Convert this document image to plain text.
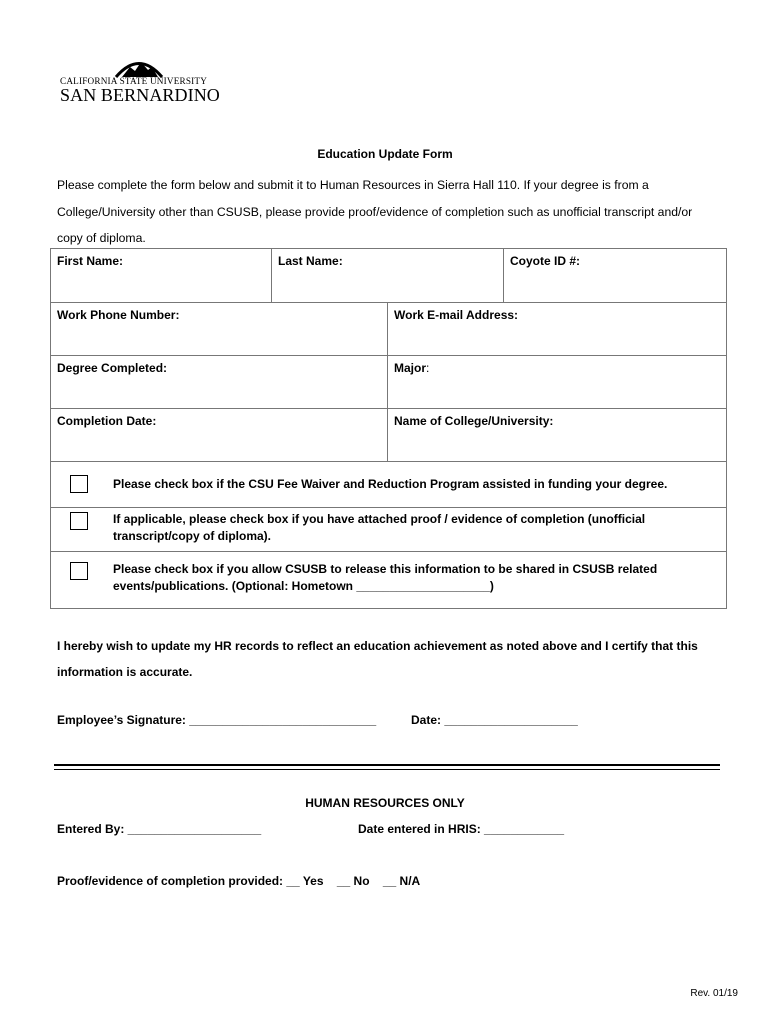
CALIFORNIA STATE UNIVERSITY
SAN BERNARDINO
Education Update Form
Please complete the form below and submit it to Human Resources in Sierra Hall 110. If your degree is from a College/University other than CSUSB, please provide proof/evidence of completion such as unofficial transcript and/or copy of diploma.
First Name:	Last Name:		Coyote ID #:
Work Phone Number:		Work E-mail Address:	
Degree Completed:		Major:	
Completion Date:		Name of College/University:	
Please check box if the CSU Fee Waiver and Reduction Program assisted in funding your degree.
If applicable, please check box if you have attached proof / evidence of completion (unofficial transcript/copy of diploma).
Please check box if you allow CSUSB to release this information to be shared in CSUSB related events/publications. (Optional: Hometown ____________________)
I hereby wish to update my HR records to reflect an education achievement as noted above and I certify that this information is accurate.
Employee’s Signature: ____________________________	Date: ____________________
HUMAN RESOURCES ONLY
Entered By: ____________________	Date entered in HRIS: ____________
Proof/evidence of completion provided: __ Yes    __ No    __ N/A
Rev. 01/19
